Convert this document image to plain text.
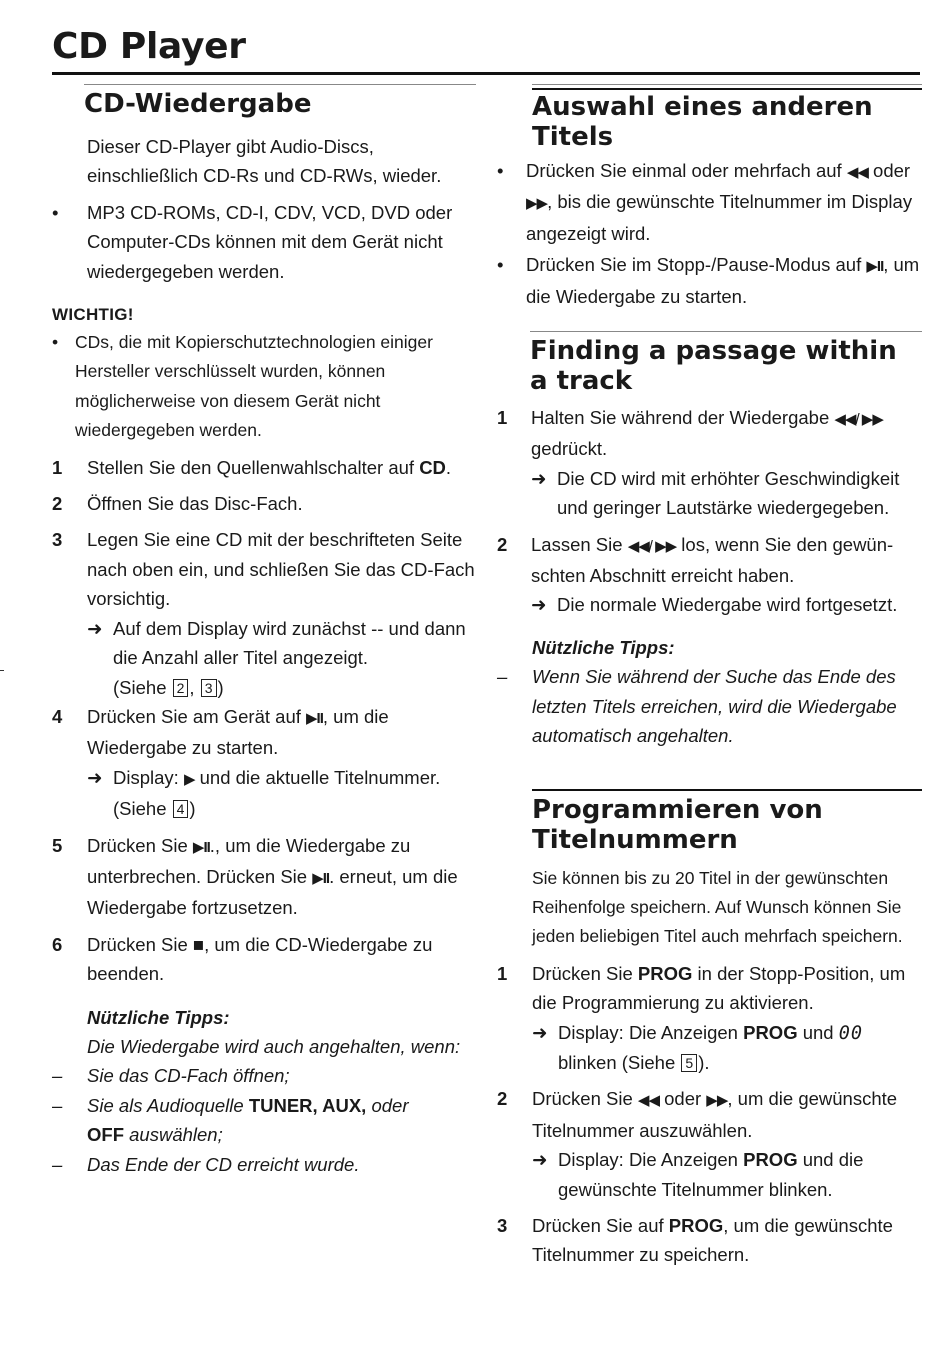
CD Player
CD-Wiedergabe
Dieser CD-Player gibt Audio-Discs, einschließlich CD-Rs und CD-RWs, wieder.
•	MP3 CD-ROMs, CD-I, CDV, VCD, DVD oder Computer-CDs können mit dem Gerät nicht wiedergegeben werden.
WICHTIG!
• CDs, die mit Kopierschutztechnologien einiger Hersteller verschlüsselt wurden, können möglicherweise von diesem Gerät nicht wiedergegeben werden.
1	Stellen Sie den Quellenwahlschalter auf CD.
2	Öffnen Sie das Disc-Fach.
3	Legen Sie eine CD mit der beschrifteten Seite nach oben ein, und schließen Sie das CD-Fach vorsichtig.
➜ Auf dem Display wird zunächst -- und dann die Anzahl aller Titel angezeigt.
(Siehe 2 , 3 )
4	Drücken Sie am Gerät auf ▶II, um die Wiedergabe zu starten.
➜ Display: ▶ und die aktuelle Titelnummer.
(Siehe 4 )
5	Drücken Sie ▶II., um die Wiedergabe zu unterbrechen. Drücken Sie ▶II. erneut, um die Wiedergabe fortzusetzen.
6	Drücken Sie ■, um die CD-Wiedergabe zu beenden.
Nützliche Tipps:
Die Wiedergabe wird auch angehalten, wenn:
–	Sie das CD-Fach öffnen;
–	Sie als Audioquelle TUNER, AUX, oder
OFF auswählen;
–	Das Ende der CD erreicht wurde.
Auswahl eines anderen Titels
•	Drücken Sie einmal oder mehrfach auf ◀◀ oder ▶▶, bis die gewünschte Titelnummer im Display angezeigt wird.
•	Drücken Sie im Stopp-/Pause-Modus auf ▶II, um die Wiedergabe zu starten.
Finding a passage within a track
1	Halten Sie während der Wiedergabe ◀◀/ ▶▶ gedrückt.
➜ Die CD wird mit erhöhter Geschwindigkeit und geringer Lautstärke wiedergegeben.
2	Lassen Sie ◀◀/ ▶▶ los, wenn Sie den gewün-schten Abschnitt erreicht haben.
➜ Die normale Wiedergabe wird fortgesetzt.
Nützliche Tipps:
–	Wenn Sie während der Suche das Ende des letzten Titels erreichen, wird die Wiedergabe automatisch angehalten.
Programmieren von Titelnummern
Sie können bis zu 20 Titel in der gewünschten Reihenfolge speichern. Auf Wunsch können Sie jeden beliebigen Titel auch mehrfach speichern.
1	Drücken Sie PROG in der Stopp-Position, um die Programmierung zu aktivieren.
➜ Display: Die Anzeigen PROG und 00
blinken (Siehe 5 ).
2	Drücken Sie ◀◀ oder ▶▶, um die gewünschte Titelnummer auszuwählen.
➜ Display: Die Anzeigen PROG und die gewünschte Titelnummer blinken.
3	Drücken Sie auf PROG, um die gewünschte Titelnummer zu speichern.
